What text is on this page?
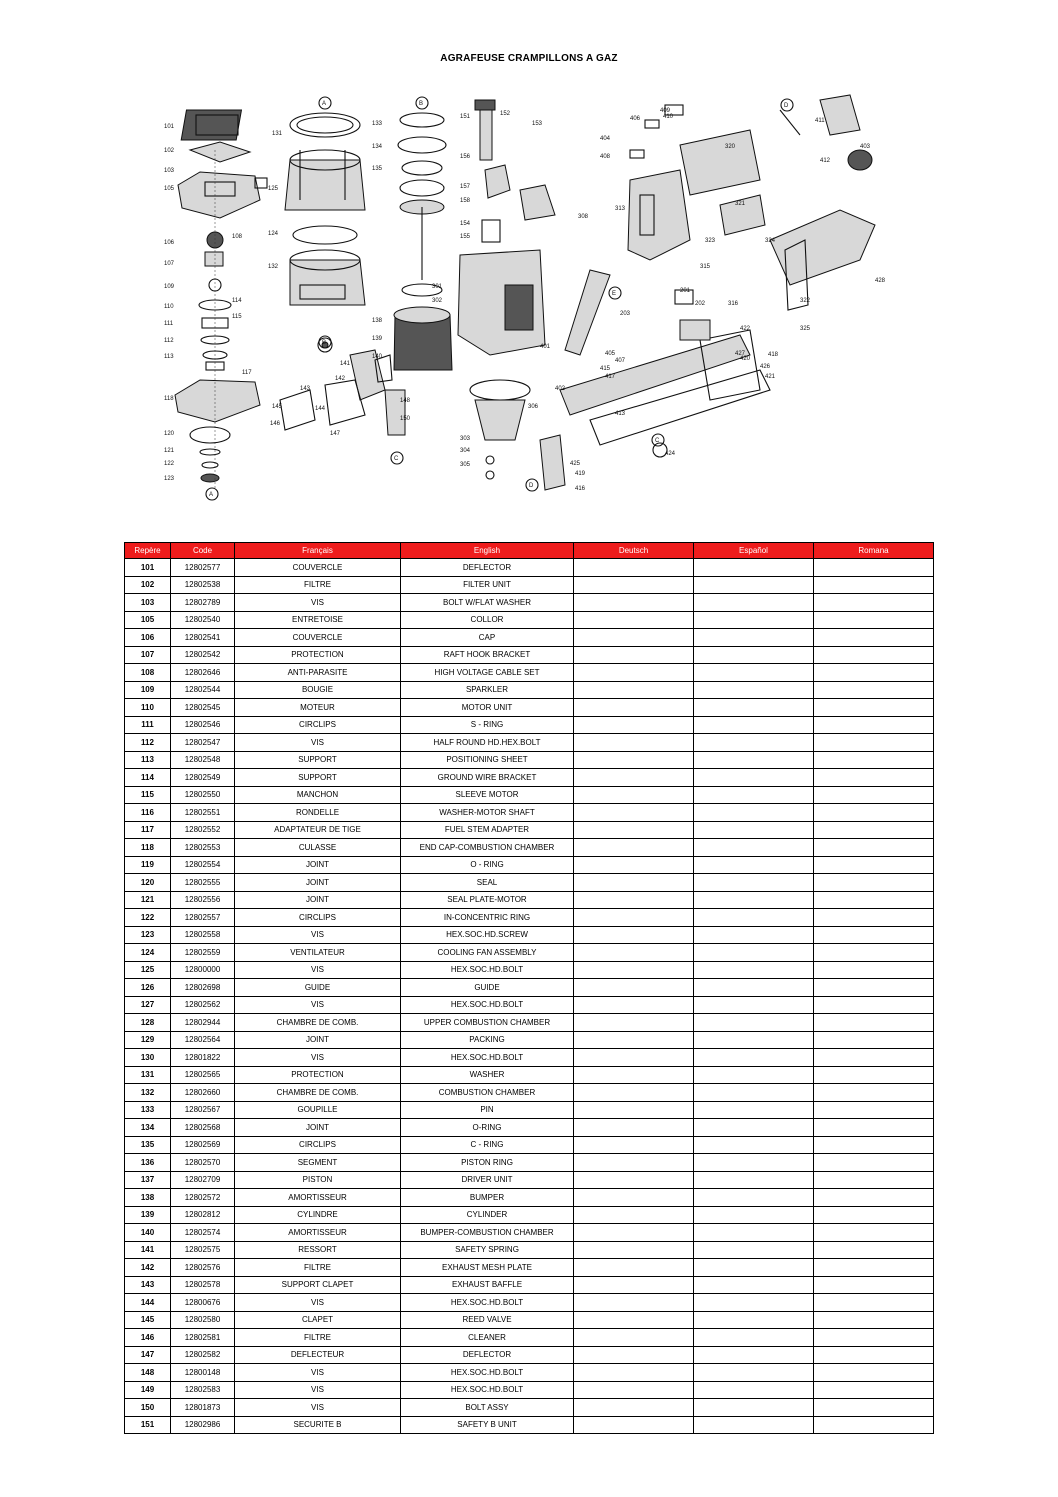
AGRAFEUSE CRAMPILLONS A GAZ
A	B
B
C
C
D
E
A
D
101
102
103
105
106
107
108
109
110
111
112
113
114
115
117
118
120
121
122
123
124
125
131
132
133
134
135
138
139
140
141
142
143
144
145
146
147
148
150
151	152
153
154
155
156
157
158
201
202
203
301
302
303
304
305
306
308
313
315
316
320
321
322
323	324
325
401
402
403
404
405
406
407
408
409
410
411
412
413
415
416
417
418
419
420
421
422
424
425
426
427
428
Repère	Code	Français	English	Deutsch	Español	Romana
101	12802577	COUVERCLE	DEFLECTOR			
102	12802538	FILTRE	FILTER UNIT			
103	12802789	VIS	BOLT W/FLAT WASHER			
105	12802540	ENTRETOISE	COLLOR			
106	12802541	COUVERCLE	CAP			
107	12802542	PROTECTION	RAFT HOOK BRACKET			
108	12802646	ANTI-PARASITE	HIGH VOLTAGE CABLE SET			
109	12802544	BOUGIE	SPARKLER			
110	12802545	MOTEUR	MOTOR UNIT			
111	12802546	CIRCLIPS	S - RING			
112	12802547	VIS	HALF ROUND HD.HEX.BOLT			
113	12802548	SUPPORT	POSITIONING SHEET			
114	12802549	SUPPORT	GROUND WIRE BRACKET			
115	12802550	MANCHON	SLEEVE MOTOR			
116	12802551	RONDELLE	WASHER-MOTOR SHAFT			
117	12802552	ADAPTATEUR DE TIGE	FUEL STEM ADAPTER			
118	12802553	CULASSE	END CAP-COMBUSTION CHAMBER			
119	12802554	JOINT	O - RING			
120	12802555	JOINT	SEAL			
121	12802556	JOINT	SEAL PLATE-MOTOR			
122	12802557	CIRCLIPS	IN-CONCENTRIC RING			
123	12802558	VIS	HEX.SOC.HD.SCREW			
124	12802559	VENTILATEUR	COOLING FAN ASSEMBLY			
125	12800000	VIS	HEX.SOC.HD.BOLT			
126	12802698	GUIDE	GUIDE			
127	12802562	VIS	HEX.SOC.HD.BOLT			
128	12802944	CHAMBRE DE COMB.	UPPER COMBUSTION CHAMBER			
129	12802564	JOINT	PACKING			
130	12801822	VIS	HEX.SOC.HD.BOLT			
131	12802565	PROTECTION	WASHER			
132	12802660	CHAMBRE DE COMB.	COMBUSTION CHAMBER			
133	12802567	GOUPILLE	PIN			
134	12802568	JOINT	O-RING			
135	12802569	CIRCLIPS	C - RING			
136	12802570	SEGMENT	PISTON RING			
137	12802709	PISTON	DRIVER UNIT			
138	12802572	AMORTISSEUR	BUMPER			
139	12802812	CYLINDRE	CYLINDER			
140	12802574	AMORTISSEUR	BUMPER-COMBUSTION CHAMBER			
141	12802575	RESSORT	SAFETY SPRING			
142	12802576	FILTRE	EXHAUST MESH PLATE			
143	12802578	SUPPORT CLAPET	EXHAUST BAFFLE			
144	12800676	VIS	HEX.SOC.HD.BOLT			
145	12802580	CLAPET	REED VALVE			
146	12802581	FILTRE	CLEANER			
147	12802582	DEFLECTEUR	DEFLECTOR			
148	12800148	VIS	HEX.SOC.HD.BOLT			
149	12802583	VIS	HEX.SOC.HD.BOLT			
150	12801873	VIS	BOLT ASSY			
151	12802986	SECURITE B	SAFETY B UNIT			
